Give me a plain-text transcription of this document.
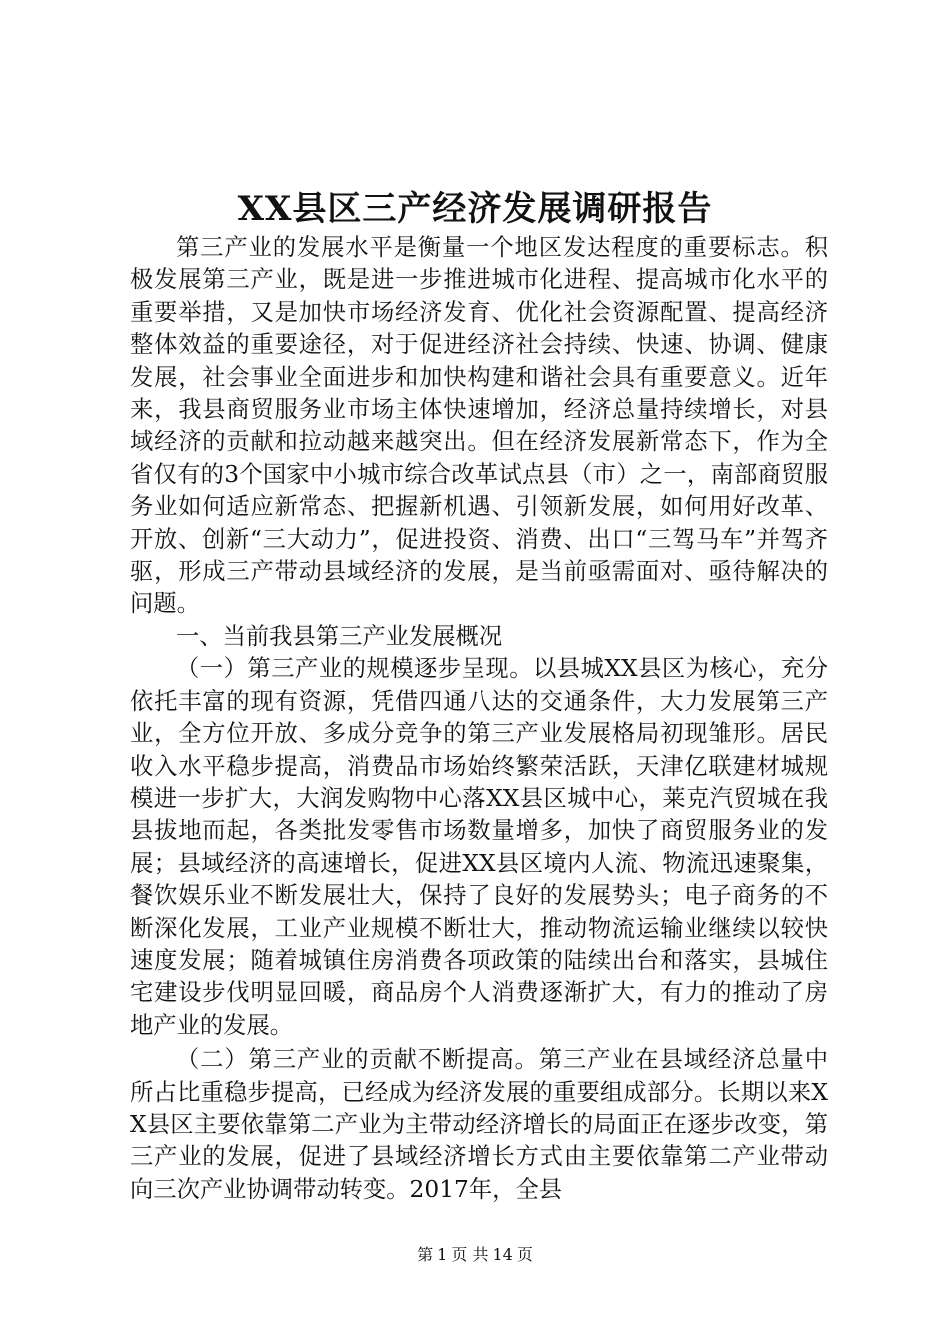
XX县区三产经济发展调研报告

第三产业的发展水平是衡量一个地区发达程度的重要标志。积极发展第三产业，既是进一步推进城市化进程、提高城市化水平的重要举措，又是加快市场经济发育、优化社会资源配置、提高经济整体效益的重要途径，对于促进经济社会持续、快速、协调、健康发展，社会事业全面进步和加快构建和谐社会具有重要意义。近年来，我县商贸服务业市场主体快速增加，经济总量持续增长，对县域经济的贡献和拉动越来越突出。但在经济发展新常态下，作为全省仅有的3个国家中小城市综合改革试点县（市）之一，南部商贸服务业如何适应新常态、把握新机遇、引领新发展，如何用好改革、开放、创新“三大动力”，促进投资、消费、出口“三驾马车”并驾齐驱，形成三产带动县域经济的发展，是当前亟需面对、亟待解决的问题。

一、当前我县第三产业发展概况

（一）第三产业的规模逐步呈现。以县城XX县区为核心，充分依托丰富的现有资源，凭借四通八达的交通条件，大力发展第三产业，全方位开放、多成分竞争的第三产业发展格局初现雏形。居民收入水平稳步提高，消费品市场始终繁荣活跃，天津亿联建材城规模进一步扩大，大润发购物中心落XX县区城中心，莱克汽贸城在我县拔地而起，各类批发零售市场数量增多，加快了商贸服务业的发展；县域经济的高速增长，促进XX县区境内人流、物流迅速聚集，餐饮娱乐业不断发展壮大，保持了良好的发展势头；电子商务的不断深化发展，工业产业规模不断壮大，推动物流运输业继续以较快速度发展；随着城镇住房消费各项政策的陆续出台和落实，县城住宅建设步伐明显回暖，商品房个人消费逐渐扩大，有力的推动了房地产业的发展。

（二）第三产业的贡献不断提高。第三产业在县域经济总量中所占比重稳步提高，已经成为经济发展的重要组成部分。长期以来XX县区主要依靠第二产业为主带动经济增长的局面正在逐步改变，第三产业的发展，促进了县域经济增长方式由主要依靠第二产业带动向三次产业协调带动转变。2017年，全县

第 1 页 共 14 页
